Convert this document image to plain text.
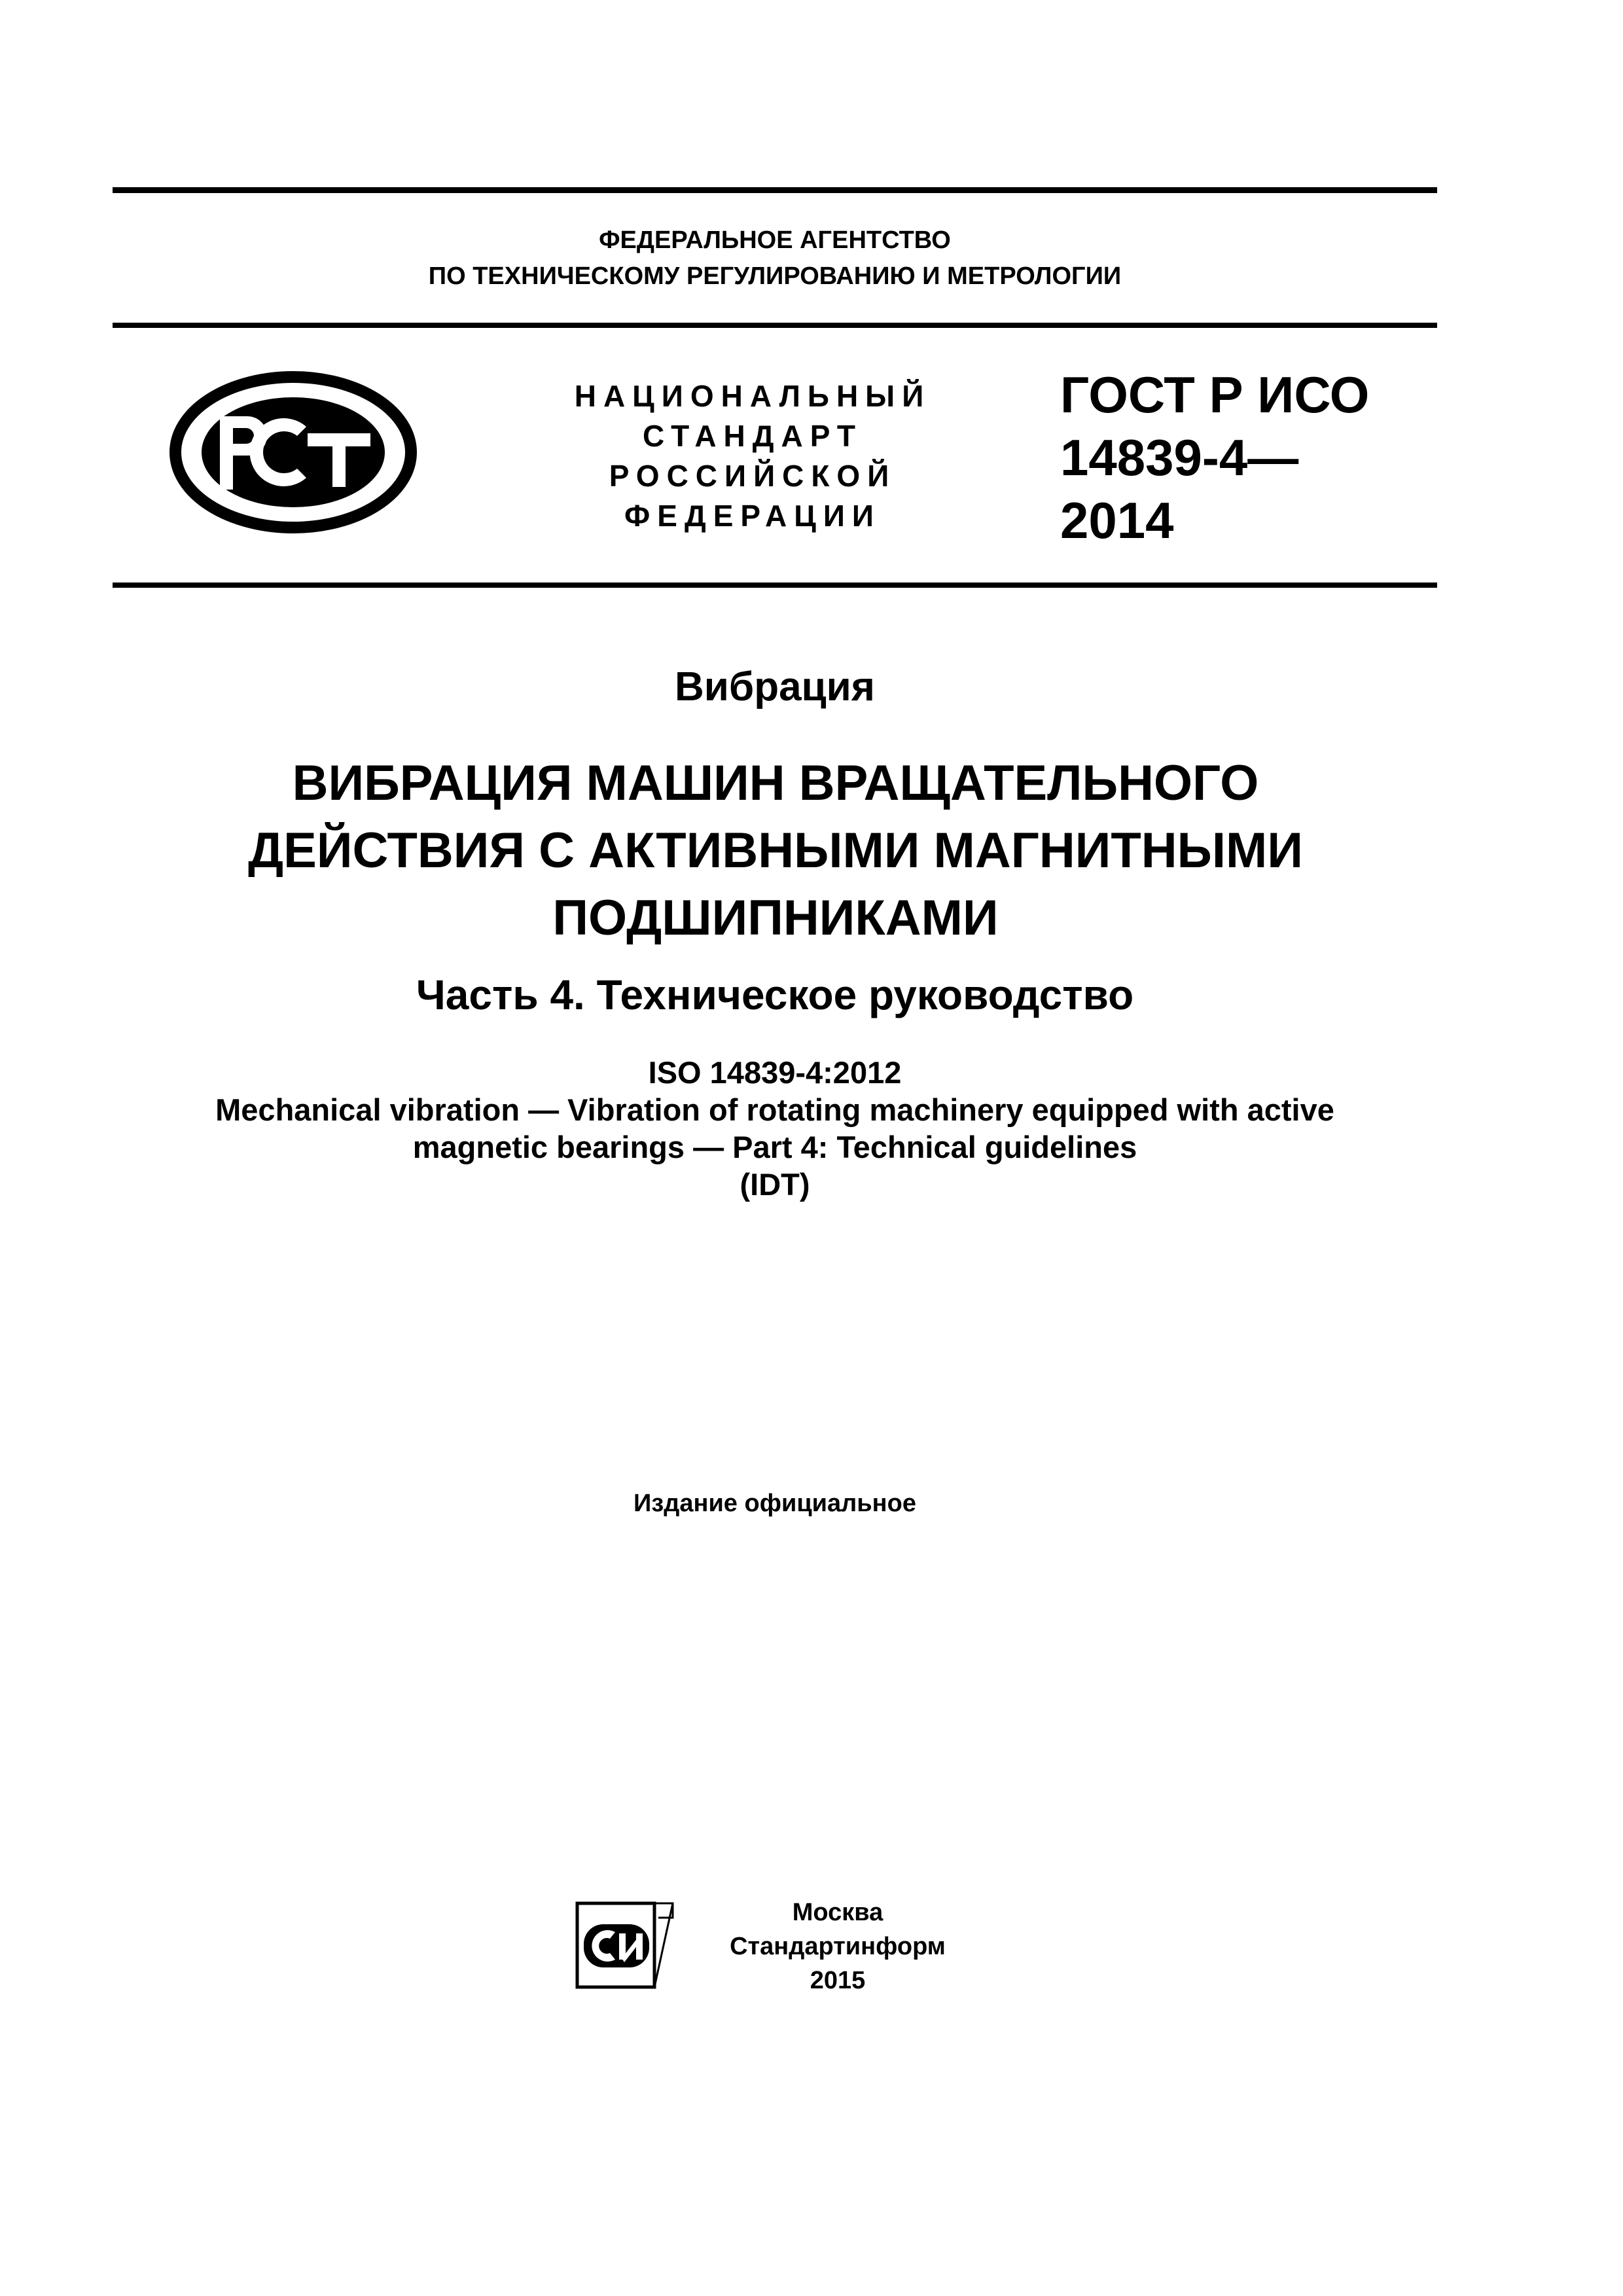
ФЕДЕРАЛЬНОЕ АГЕНТСТВО
ПО ТЕХНИЧЕСКОМУ РЕГУЛИРОВАНИЮ И МЕТРОЛОГИИ
НАЦИОНАЛЬНЫЙ
СТАНДАРТ
РОССИЙСКОЙ
ФЕДЕРАЦИИ
ГОСТ Р ИСО
14839-4—
2014
Вибрация
ВИБРАЦИЯ МАШИН ВРАЩАТЕЛЬНОГО
ДЕЙСТВИЯ С АКТИВНЫМИ МАГНИТНЫМИ
ПОДШИПНИКАМИ
Часть 4. Техническое руководство
ISO 14839-4:2012
Mechanical vibration — Vibration of rotating machinery equipped with active
magnetic bearings — Part 4: Technical guidelines
(IDT)
Издание официальное
Москва
Стандартинформ
2015
